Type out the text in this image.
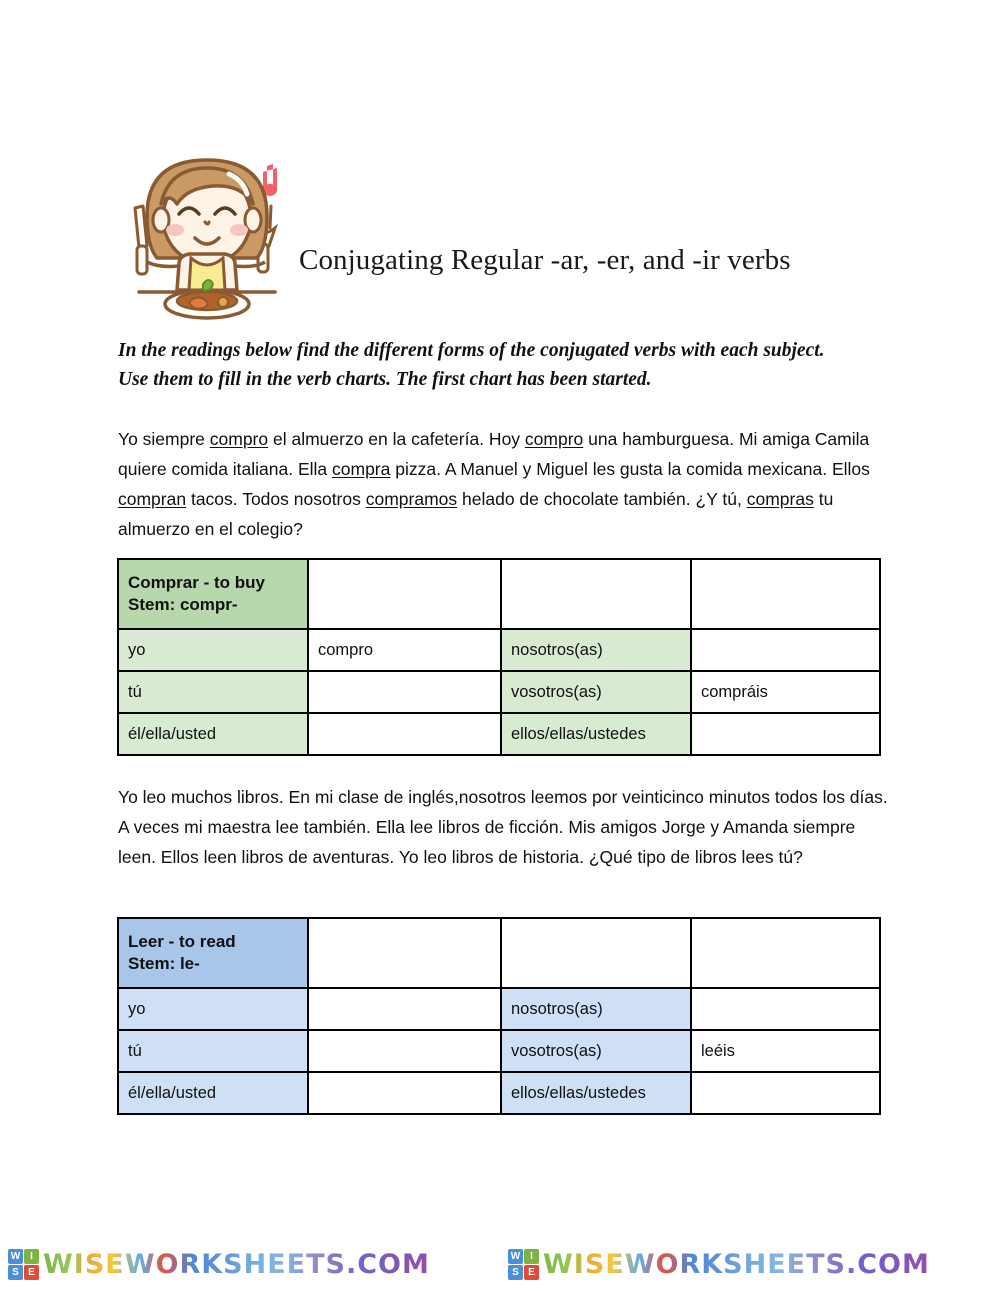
Conjugating Regular -ar, -er, and -ir verbs
In the readings below find the different forms of the conjugated verbs with each subject. Use them to fill in the verb charts. The first chart has been started.
Yo siempre compro el almuerzo en la cafetería. Hoy compro una hamburguesa. Mi amiga Camila quiere comida italiana. Ella compra pizza. A Manuel y Miguel les gusta la comida mexicana. Ellos compran tacos. Todos nosotros compramos helado de chocolate también. ¿Y tú, compras tu almuerzo en el colegio?
Yo leo muchos libros. En mi clase de inglés,nosotros leemos por veinticinco minutos todos los días. A veces mi maestra lee también. Ella lee libros de ficción. Mis amigos Jorge y Amanda siempre leen. Ellos leen libros de aventuras. Yo leo libros de historia. ¿Qué tipo de libros lees tú?
Comprar - to buy
Stem: compr-			

yo	compro	nosotros(as)	
tú		vosotros(as)	compráis
él/ella/usted		ellos/ellas/ustedes	
Leer - to read
Stem: le-			

yo		nosotros(as)	
tú		vosotros(as)	leéis
él/ella/usted		ellos/ellas/ustedes	
W I
S E WISEWORKSHEETS.COM	W I
S E WISEWORKSHEETS.COM
